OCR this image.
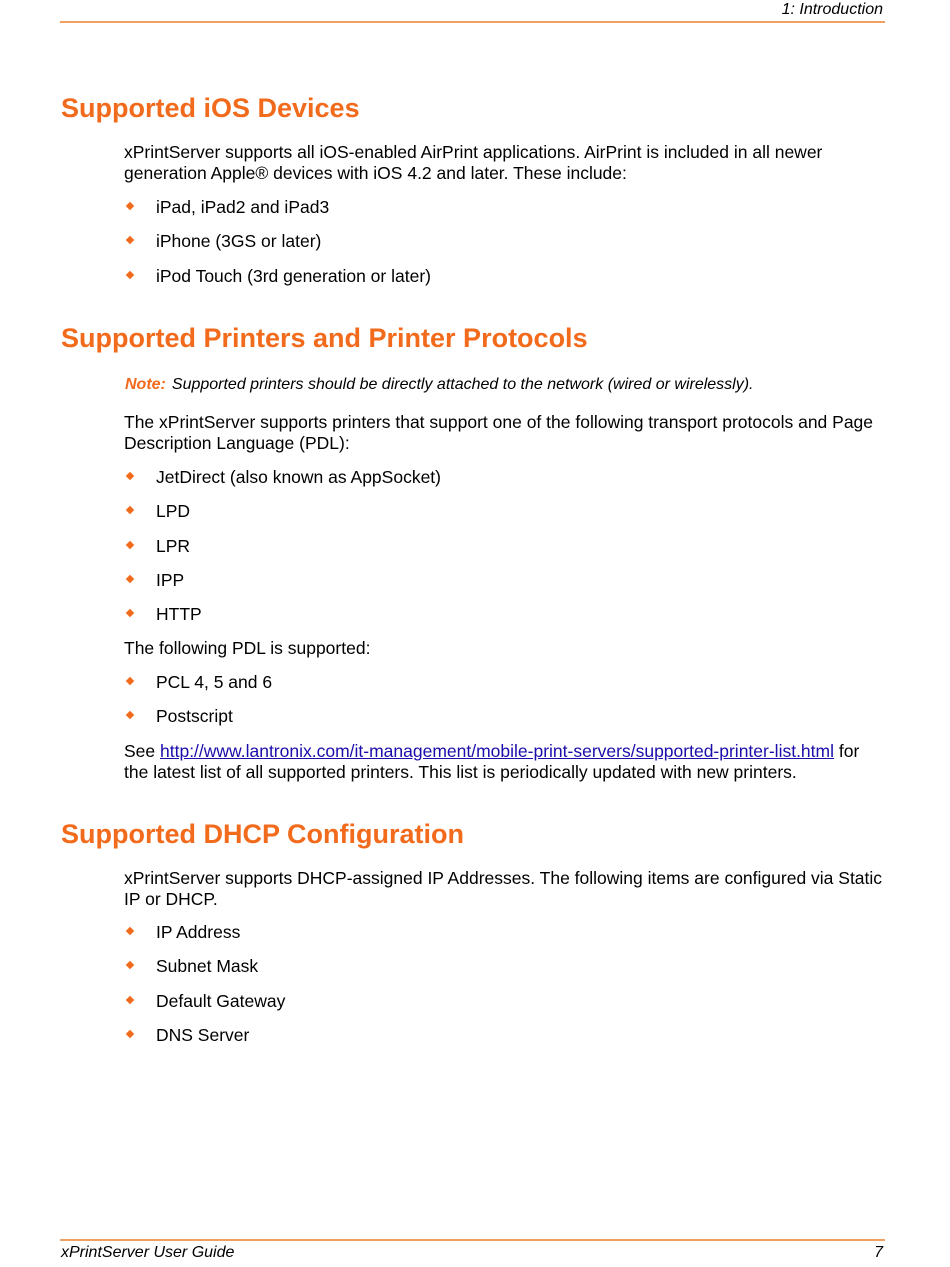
1: Introduction
Supported iOS Devices

xPrintServer supports all iOS-enabled AirPrint applications. AirPrint is included in all newer generation Apple® devices with iOS 4.2 and later. These include:

iPad, iPad2 and iPad3
iPhone (3GS or later)
iPod Touch (3rd generation or later)
Supported Printers and Printer Protocols
Note: Supported printers should be directly attached to the network (wired or wirelessly).

The xPrintServer supports printers that support one of the following transport protocols and Page Description Language (PDL):

JetDirect (also known as AppSocket)
LPD
LPR
IPP
HTTP

The following PDL is supported:

PCL 4, 5 and 6
Postscript

See http://www.lantronix.com/it-management/mobile-print-servers/supported-printer-list.html for the latest list of all supported printers. This list is periodically updated with new printers.

Supported DHCP Configuration

xPrintServer supports DHCP-assigned IP Addresses. The following items are configured via Static IP or DHCP.

IP Address
Subnet Mask
Default Gateway
DNS Server
xPrintServer User Guide	7
